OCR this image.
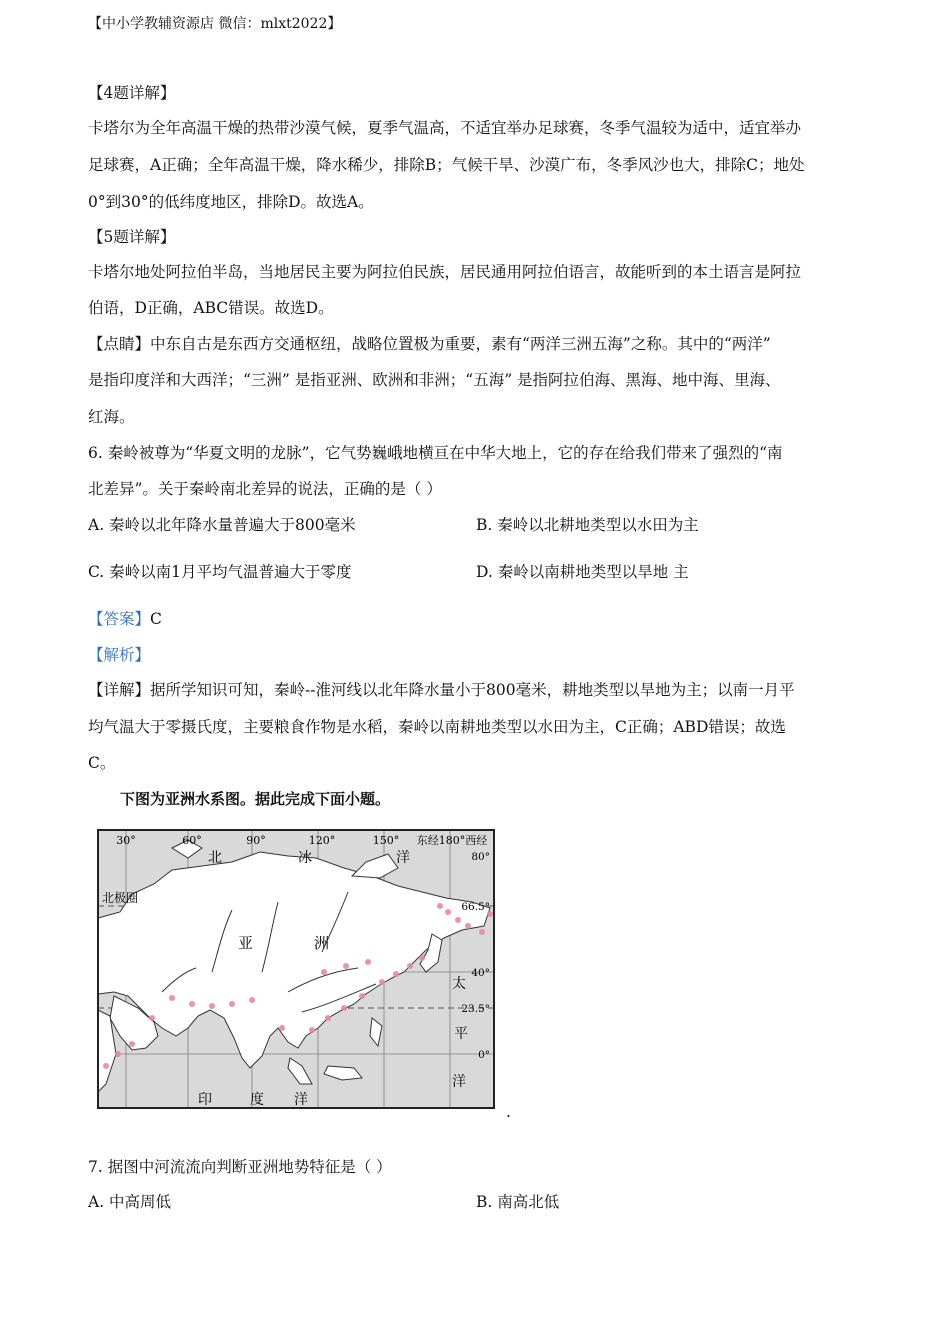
【中小学教辅资源店 微信：mlxt2022】
【4题详解】
卡塔尔为全年高温干燥的热带沙漠气候，夏季气温高，不适宜举办足球赛，冬季气温较为适中，适宜举办
足球赛，A正确；全年高温干燥，降水稀少，排除B；气候干旱、沙漠广布，冬季风沙也大，排除C；地处
0°到30°的低纬度地区，排除D。故选A。
【5题详解】
卡塔尔地处阿拉伯半岛，当地居民主要为阿拉伯民族，居民通用阿拉伯语言，故能听到的本土语言是阿拉
伯语，D正确，ABC错误。故选D。
【点睛】中东自古是东西方交通枢纽，战略位置极为重要，素有“两洋三洲五海”之称。其中的“两洋”
是指印度洋和大西洋；“三洲” 是指亚洲、欧洲和非洲；“五海” 是指阿拉伯海、黑海、地中海、里海、
红海。
6. 秦岭被尊为“华夏文明的龙脉”，它气势巍峨地横亘在中华大地上，它的存在给我们带来了强烈的“南
北差异”。关于秦岭南北差异的说法，正确的是（ ）
A. 秦岭以北年降水量普遍大于800毫米	B. 秦岭以北耕地类型以水田为主
C. 秦岭以南1月平均气温普遍大于零度	D. 秦岭以南耕地类型以旱地 主
【答案】C
【解析】
【详解】据所学知识可知，秦岭--淮河线以北年降水量小于800毫米，耕地类型以旱地为主；以南一月平
均气温大于零摄氏度，主要粮食作物是水稻，秦岭以南耕地类型以水田为主，C正确；ABD错误；故选
C。
下图为亚洲水系图。据此完成下面小题。
30°	60°	90°	120°	150° 东经180°西经
80°
66.5°
40°
23.5°
0°
北	冰	洋
北极圈
亚	洲
太
平
洋
印	度 洋
.
7. 据图中河流流向判断亚洲地势特征是（ ）
A. 中高周低	B. 南高北低
